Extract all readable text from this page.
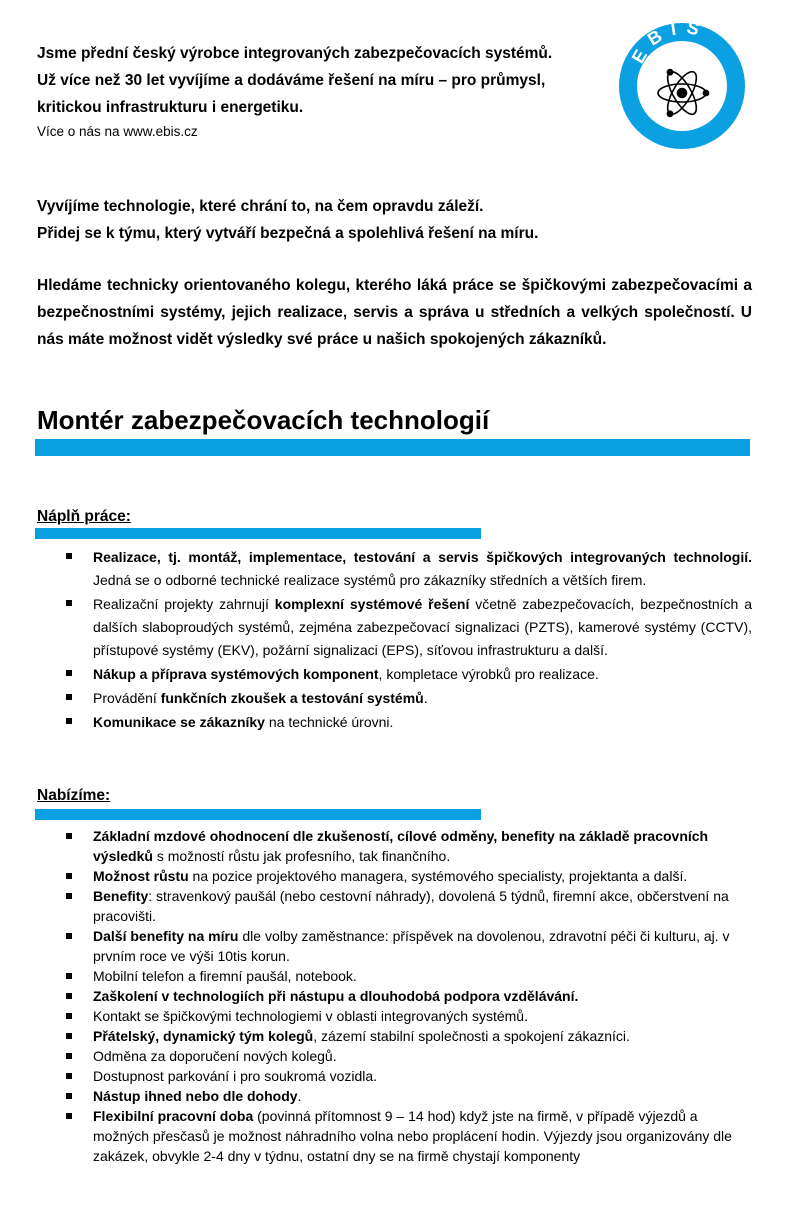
Jsme přední český výrobce integrovaných zabezpečovacích systémů.
Už více než 30 let vyvíjíme a dodáváme řešení na míru – pro průmysl,
kritickou infrastrukturu i energetiku.
Více o nás na www.ebis.cz
EBIS
Vyvíjíme technologie, které chrání to, na čem opravdu záleží.
Přidej se k týmu, který vytváří bezpečná a spolehlivá řešení na míru.
Hledáme technicky orientovaného kolegu, kterého láká práce se špičkovými zabezpečovacími a bezpečnostními systémy, jejich realizace, servis a správa u středních a velkých společností. U nás máte možnost vidět výsledky své práce u našich spokojených zákazníků.
Montér zabezpečovacích technologií
Náplň práce:
Realizace, tj. montáž, implementace, testování a servis špičkových integrovaných technologií. Jedná se o odborné technické realizace systémů pro zákazníky středních a větších firem.
Realizační projekty zahrnují komplexní systémové řešení včetně zabezpečovacích, bezpečnostních a dalších slaboproudých systémů, zejména zabezpečovací signalizaci (PZTS), kamerové systémy (CCTV), přístupové systémy (EKV), požární signalizaci (EPS), síťovou infrastrukturu a další.
Nákup a příprava systémových komponent, kompletace výrobků pro realizace.
Provádění funkčních zkoušek a testování systémů.
Komunikace se zákazníky na technické úrovni.
Nabízíme:
Základní mzdové ohodnocení dle zkušeností, cílové odměny, benefity na základě pracovních výsledků s možností růstu jak profesního, tak finančního.
Možnost růstu na pozice projektového managera, systémového specialisty, projektanta a další.
Benefity: stravenkový paušál (nebo cestovní náhrady), dovolená 5 týdnů, firemní akce, občerstvení na pracovišti.
Další benefity na míru dle volby zaměstnance: příspěvek na dovolenou, zdravotní péči či kulturu, aj. v prvním roce ve výši 10tis korun.
Mobilní telefon a firemní paušál, notebook.
Zaškolení v technologiích při nástupu a dlouhodobá podpora vzdělávání.
Kontakt se špičkovými technologiemi v oblasti integrovaných systémů.
Přátelský, dynamický tým kolegů, zázemí stabilní společnosti a spokojení zákazníci.
Odměna za doporučení nových kolegů.
Dostupnost parkování i pro soukromá vozidla.
Nástup ihned nebo dle dohody.
Flexibilní pracovní doba (povinná přítomnost 9 – 14 hod) když jste na firmě, v případě výjezdů a možných přesčasů je možnost náhradního volna nebo proplácení hodin. Výjezdy jsou organizovány dle zakázek, obvykle 2-4 dny v týdnu, ostatní dny se na firmě chystají komponenty
